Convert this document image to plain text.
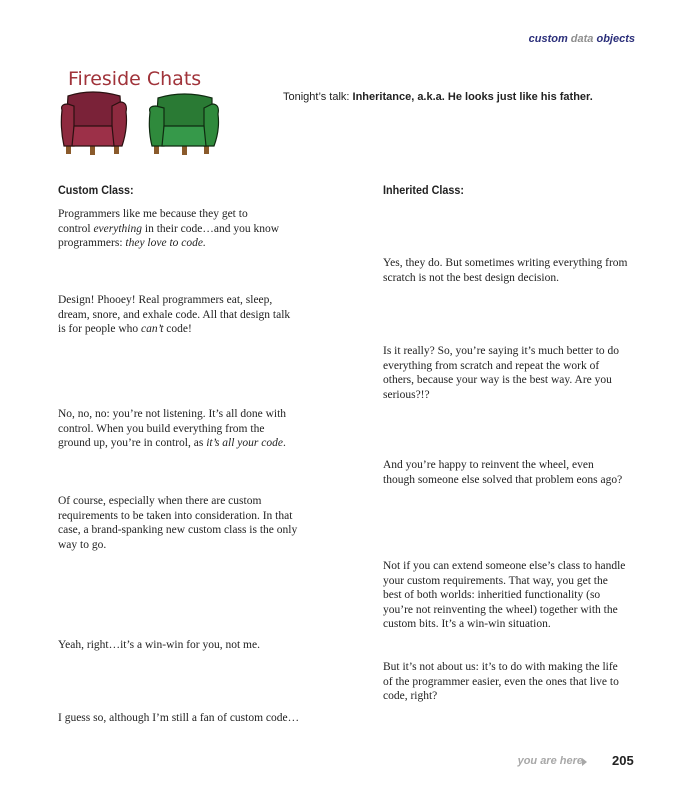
custom data objects
Fireside Chats
Tonight’s talk: Inheritance, a.k.a. He looks just like his father.
Custom Class:	Inherited Class:
Programmers like me because they get to
control everything in their code…and you know
programmers: they love to code.
Design! Phooey! Real programmers eat, sleep,
dream, snore, and exhale code. All that design talk
is for people who can’t code!
No, no, no: you’re not listening. It’s all done with
control. When you build everything from the
ground up, you’re in control, as it’s all your code.
Of course, especially when there are custom
requirements to be taken into consideration. In that
case, a brand-spanking new custom class is the only
way to go.
Yeah, right…it’s a win-win for you, not me.
I guess so, although I’m still a fan of custom code…
Yes, they do. But sometimes writing everything from
scratch is not the best design decision.
Is it really? So, you’re saying it’s much better to do
everything from scratch and repeat the work of
others, because your way is the best way. Are you
serious?!?
And you’re happy to reinvent the wheel, even
though someone else solved that problem eons ago?
Not if you can extend someone else’s class to handle
your custom requirements. That way, you get the
best of both worlds: inheritied functionality (so
you’re not reinventing the wheel) together with the
custom bits. It’s a win-win situation.
But it’s not about us: it’s to do with making the life
of the programmer easier, even the ones that live to
code, right?
you are here 205
